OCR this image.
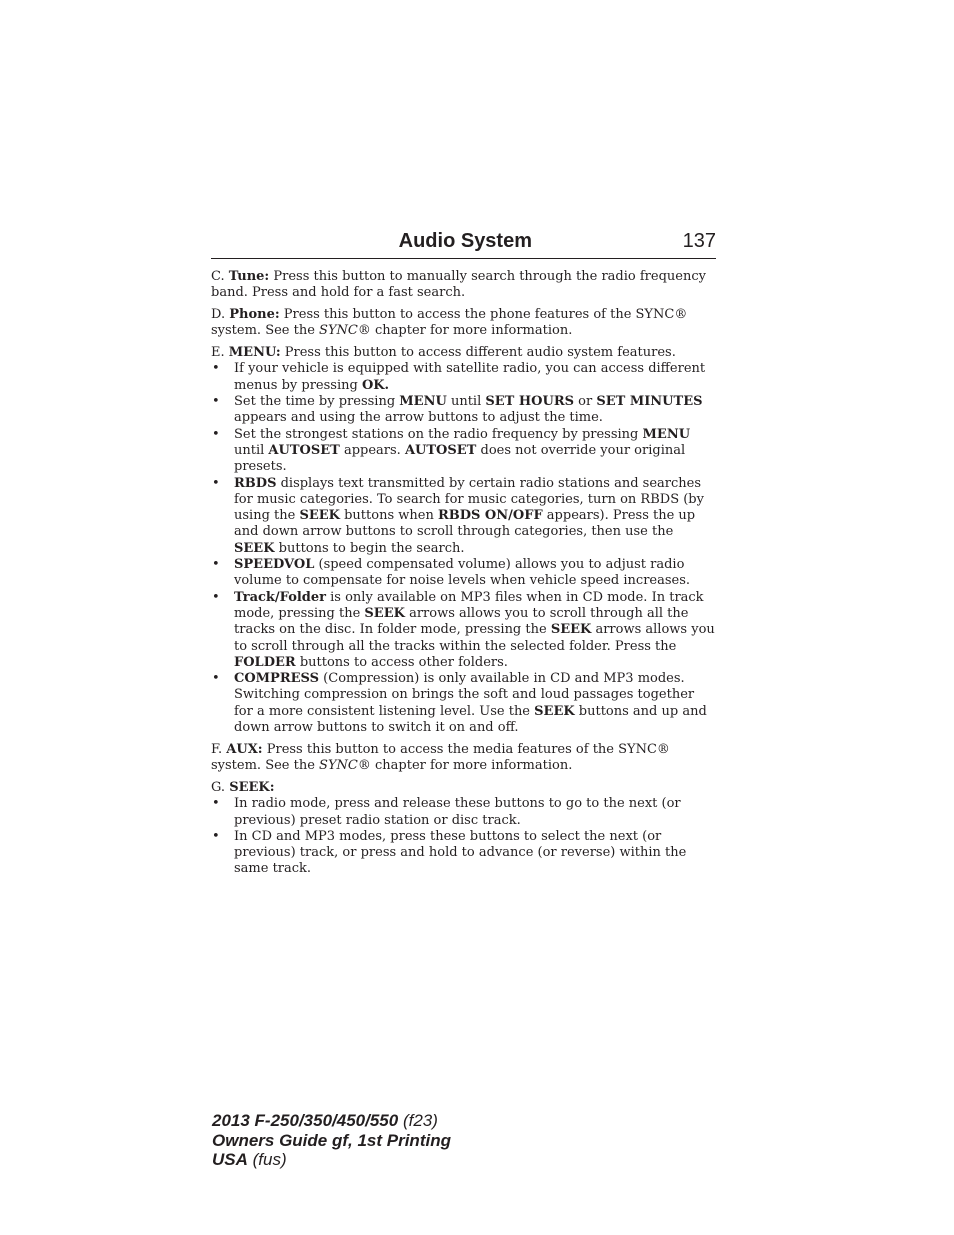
Audio System	137

C. Tune: Press this button to manually search through the radio frequency band. Press and hold for a fast search.

D. Phone: Press this button to access the phone features of the SYNC® system. See the SYNC® chapter for more information.

E. MENU: Press this button to access different audio system features.

• If your vehicle is equipped with satellite radio, you can access different menus by pressing OK.
• Set the time by pressing MENU until SET HOURS or SET MINUTES appears and using the arrow buttons to adjust the time.
• Set the strongest stations on the radio frequency by pressing MENU until AUTOSET appears. AUTOSET does not override your original presets.
• RBDS displays text transmitted by certain radio stations and searches for music categories. To search for music categories, turn on RBDS (by using the SEEK buttons when RBDS ON/OFF appears). Press the up and down arrow buttons to scroll through categories, then use the SEEK buttons to begin the search.
• SPEEDVOL (speed compensated volume) allows you to adjust radio volume to compensate for noise levels when vehicle speed increases.
• Track/Folder is only available on MP3 files when in CD mode. In track mode, pressing the SEEK arrows allows you to scroll through all the tracks on the disc. In folder mode, pressing the SEEK arrows allows you to scroll through all the tracks within the selected folder. Press the FOLDER buttons to access other folders.
• COMPRESS (Compression) is only available in CD and MP3 modes. Switching compression on brings the soft and loud passages together for a more consistent listening level. Use the SEEK buttons and up and down arrow buttons to switch it on and off.

F. AUX: Press this button to access the media features of the SYNC® system. See the SYNC® chapter for more information.

G. SEEK:

• In radio mode, press and release these buttons to go to the next (or previous) preset radio station or disc track.
• In CD and MP3 modes, press these buttons to select the next (or previous) track, or press and hold to advance (or reverse) within the same track.
2013 F-250/350/450/550 (f23)
Owners Guide gf, 1st Printing
USA (fus)
